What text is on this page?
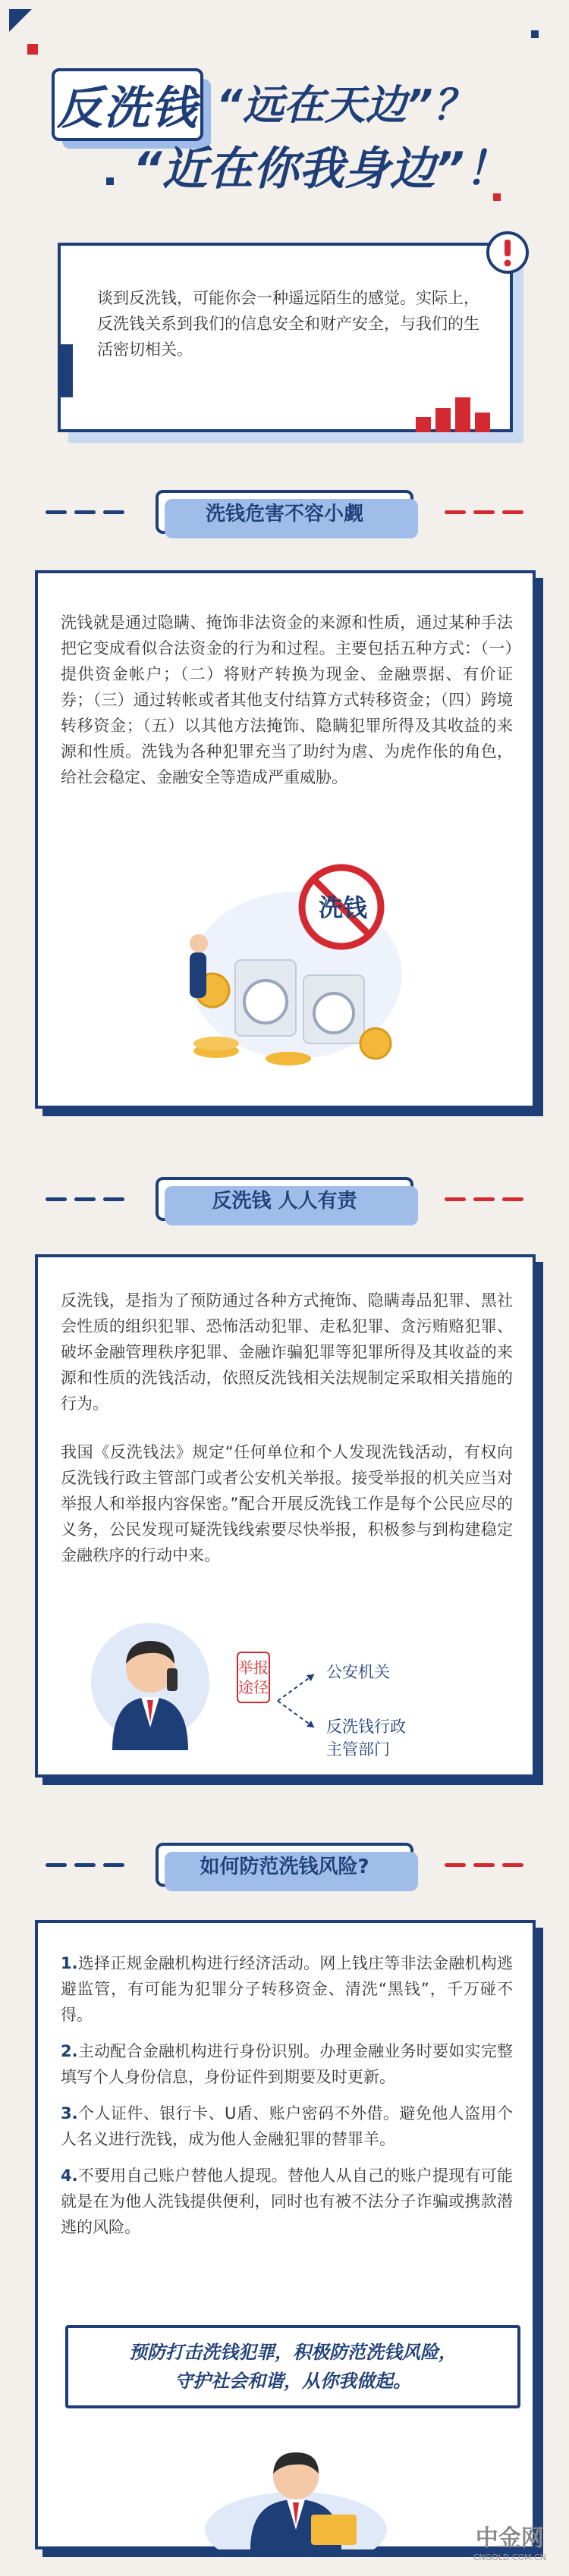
反洗钱 “远在天边”？
“近在你我身边”！
谈到反洗钱，可能你会一种遥远陌生的感觉。实际上，反洗钱关系到我们的信息安全和财产安全，与我们的生活密切相关。
洗钱危害不容小觑
洗钱就是通过隐瞒、掩饰非法资金的来源和性质，通过某种手法把它变成看似合法资金的行为和过程。主要包括五种方式：（一）提供资金帐户；（二）将财产转换为现金、金融票据、有价证券；（三）通过转帐或者其他支付结算方式转移资金；（四）跨境转移资金；（五）以其他方法掩饰、隐瞒犯罪所得及其收益的来源和性质。洗钱为各种犯罪充当了助纣为虐、为虎作伥的角色，给社会稳定、金融安全等造成严重威胁。
洗钱
反洗钱 人人有责
反洗钱，是指为了预防通过各种方式掩饰、隐瞒毒品犯罪、黑社会性质的组织犯罪、恐怖活动犯罪、走私犯罪、贪污贿赂犯罪、破坏金融管理秩序犯罪、金融诈骗犯罪等犯罪所得及其收益的来源和性质的洗钱活动，依照反洗钱相关法规制定采取相关措施的行为。
我国《反洗钱法》规定“任何单位和个人发现洗钱活动，有权向反洗钱行政主管部门或者公安机关举报。接受举报的机关应当对举报人和举报内容保密。”配合开展反洗钱工作是每个公民应尽的义务，公民发现可疑洗钱线索要尽快举报，积极参与到构建稳定金融秩序的行动中来。
举报途径
公安机关
反洗钱行政
主管部门
如何防范洗钱风险?
1.选择正规金融机构进行经济活动。网上钱庄等非法金融机构逃避监管，有可能为犯罪分子转移资金、清洗“黑钱”，千万碰不得。
2.主动配合金融机构进行身份识别。办理金融业务时要如实完整填写个人身份信息，身份证件到期要及时更新。
3.个人证件、银行卡、U盾、账户密码不外借。避免他人盗用个人名义进行洗钱，成为他人金融犯罪的替罪羊。
4.不要用自己账户替他人提现。替他人从自己的账户提现有可能就是在为他人洗钱提供便利，同时也有被不法分子诈骗或携款潜逃的风险。
预防打击洗钱犯罪，积极防范洗钱风险，
守护社会和谐，从你我做起。
中金网
CNGOLD.COM.CN
